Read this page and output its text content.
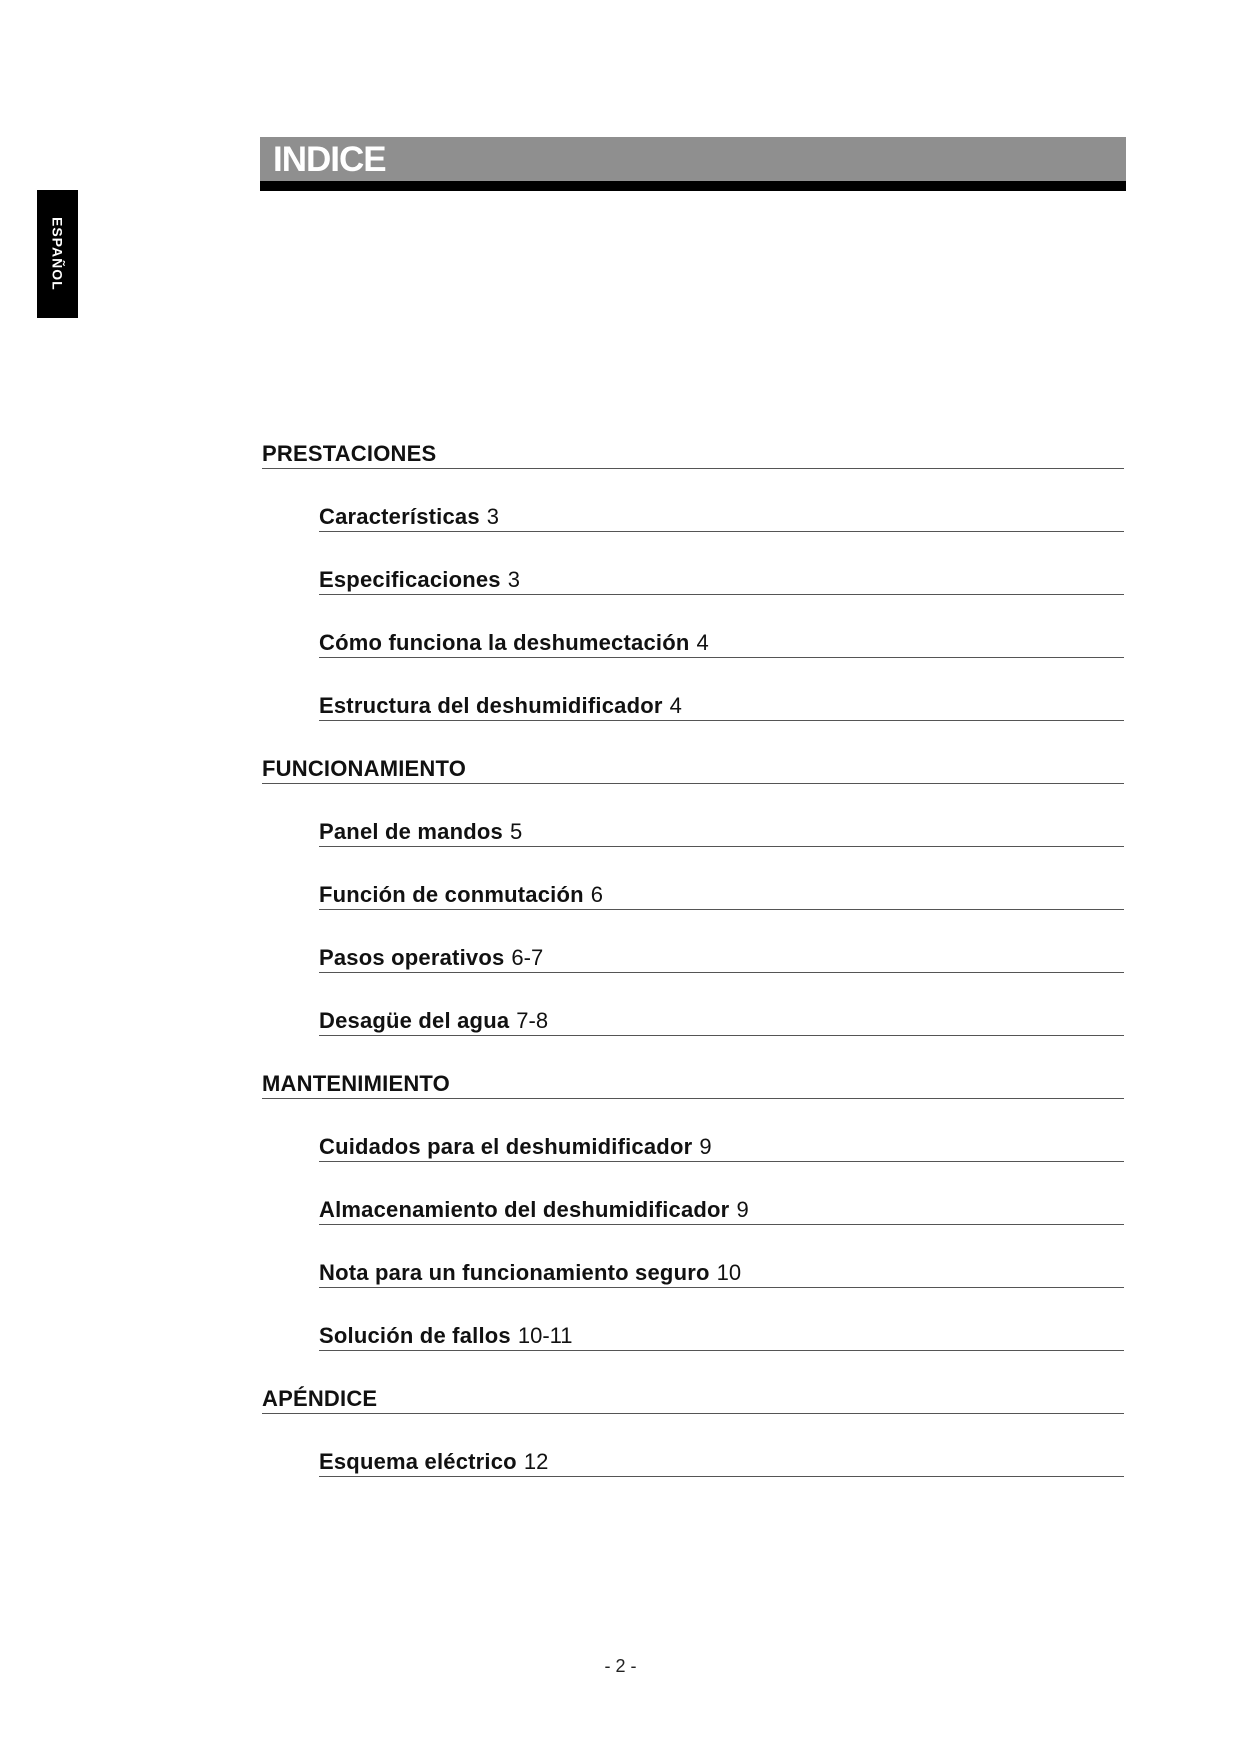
ESPAÑOL
INDICE
PRESTACIONES
Características 3
Especificaciones 3
Cómo funciona la deshumectación 4
Estructura del deshumidificador 4
FUNCIONAMIENTO
Panel de mandos 5
Función de conmutación 6
Pasos operativos 6-7
Desagüe del agua 7-8
MANTENIMIENTO
Cuidados para el deshumidificador 9
Almacenamiento del deshumidificador 9
Nota para un funcionamiento seguro 10
Solución de fallos 10-11
APÉNDICE
Esquema eléctrico 12
- 2 -
